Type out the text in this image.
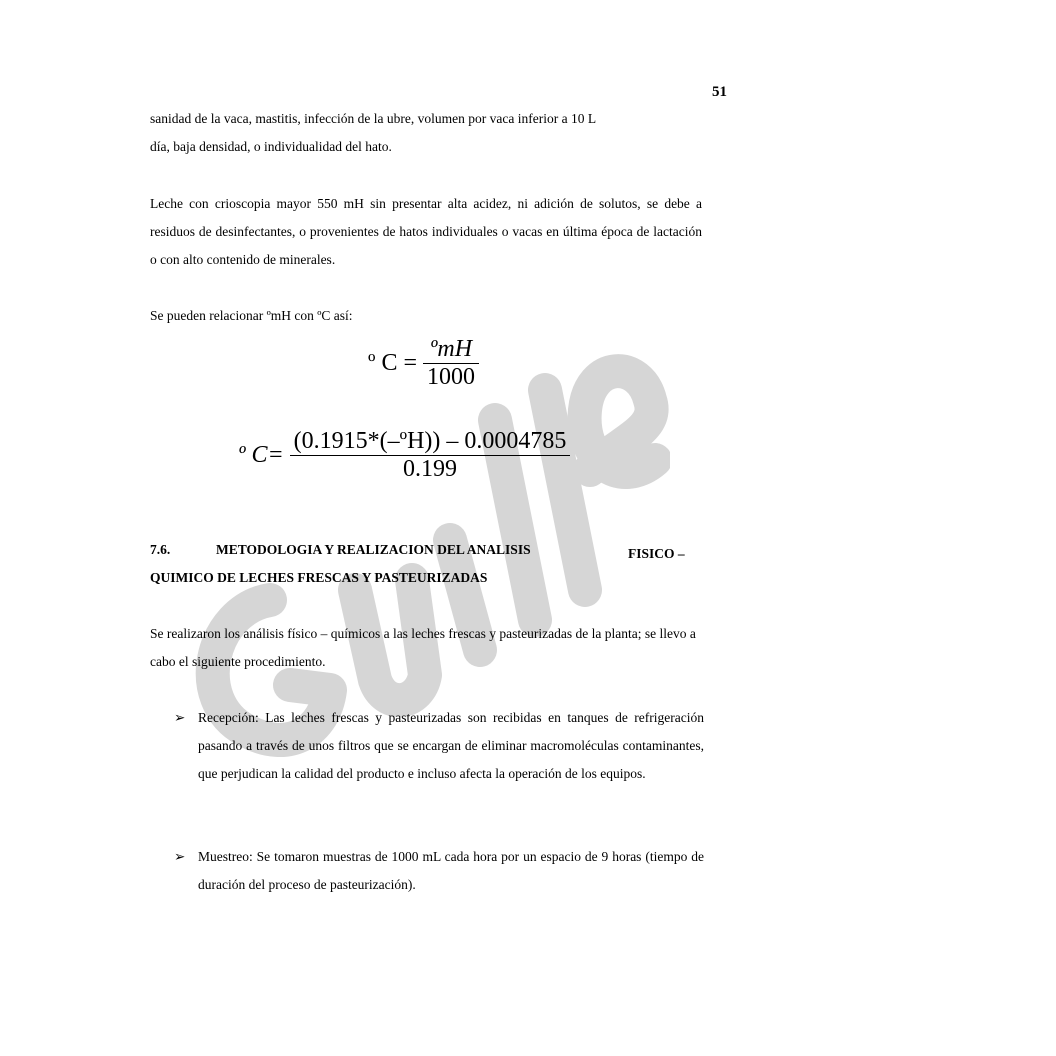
51
sanidad de la vaca, mastitis, infección de la ubre, volumen por vaca inferior a 10 L
día, baja densidad, o individualidad del hato.
Leche con crioscopia mayor 550 mH sin presentar alta acidez, ni adición de solutos, se debe a residuos de desinfectantes, o provenientes de hatos individuales o vacas en última época de lactación o con alto contenido de minerales.
Se pueden relacionar ºmH con ºC así:
º $C = \frac{\text{ºmH}}{1000}$
º $C= \frac{\text{(0.1915*(–ºH)) – 0.0004785}}{0.199}$
7.6.	METODOLOGIA Y REALIZACION DEL ANALISIS	FISICO –
QUIMICO DE LECHES FRESCAS Y PASTEURIZADAS
Se realizaron los análisis físico – químicos a las leches frescas y pasteurizadas de la planta; se llevo a cabo el siguiente procedimiento.
➢ Recepción: Las leches frescas y pasteurizadas son recibidas en tanques de refrigeración pasando a través de unos filtros que se encargan de eliminar macromoléculas contaminantes, que perjudican la calidad del producto e incluso afecta la operación de los equipos.
➢ Muestreo: Se tomaron muestras de 1000 mL cada hora por un espacio de 9 horas (tiempo de duración del proceso de pasteurización).
